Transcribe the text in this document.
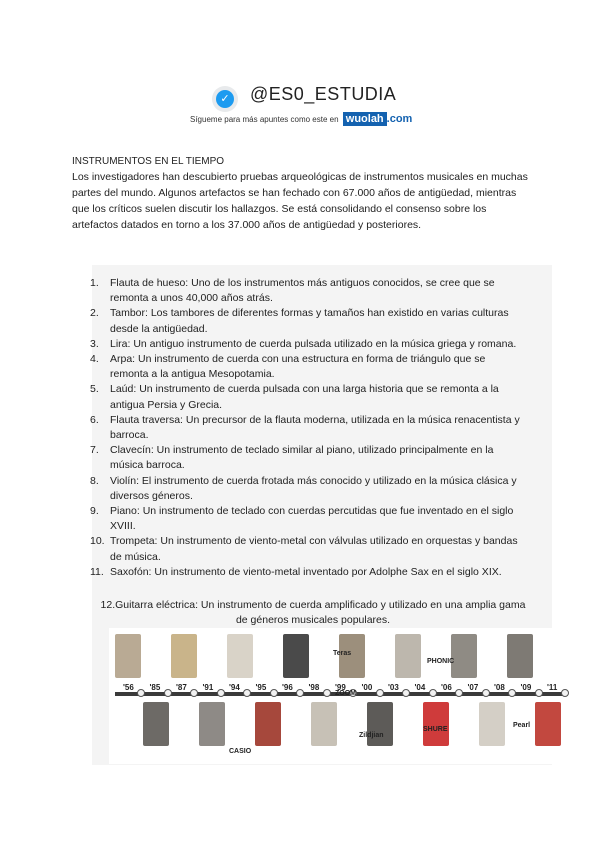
✓ @ES0_ESTUDIA
Sígueme para más apuntes como este en wuolah .com
INSTRUMENTOS EN EL TIEMPO
Los investigadores han descubierto pruebas arqueológicas de instrumentos musicales en muchas partes del mundo. Algunos artefactos se han fechado con 67.000 años de antigüedad, mientras que los críticos suelen discutir los hallazgos. Se está consolidando el consenso sobre los artefactos datados en torno a los 37.000 años de antigüedad y posteriores.
1. Flauta de hueso: Uno de los instrumentos más antiguos conocidos, se cree que se remonta a unos 40,000 años atrás.
2. Tambor: Los tambores de diferentes formas y tamaños han existido en varias culturas desde la antigüedad.
3. Lira: Un antiguo instrumento de cuerda pulsada utilizado en la música griega y romana.
4. Arpa: Un instrumento de cuerda con una estructura en forma de triángulo que se remonta a la antigua Mesopotamia.
5. Laúd: Un instrumento de cuerda pulsada con una larga historia que se remonta a la antigua Persia y Grecia.
6. Flauta traversa: Un precursor de la flauta moderna, utilizada en la música renacentista y barroca.
7. Clavecín: Un instrumento de teclado similar al piano, utilizado principalmente en la música barroca.
8. Violín: El instrumento de cuerda frotada más conocido y utilizado en la música clásica y diversos géneros.
9. Piano: Un instrumento de teclado con cuerdas percutidas que fue inventado en el siglo XVIII.
10. Trompeta: Un instrumento de viento-metal con válvulas utilizado en orquestas y bandas de música.
11. Saxofón: Un instrumento de viento-metal inventado por Adolphe Sax en el siglo XIX.
12.Guitarra eléctrica: Un instrumento de cuerda amplificado y utilizado en una amplia gama de géneros musicales populares.
'56 '85 '87 '91 '94 '95 '96 '98 '99 '00 '03 '04 '06 '07 '08 '09 '11
Teras
PHONIC
CASIO
ZOOM
Zildjian
SHURE
Pearl
